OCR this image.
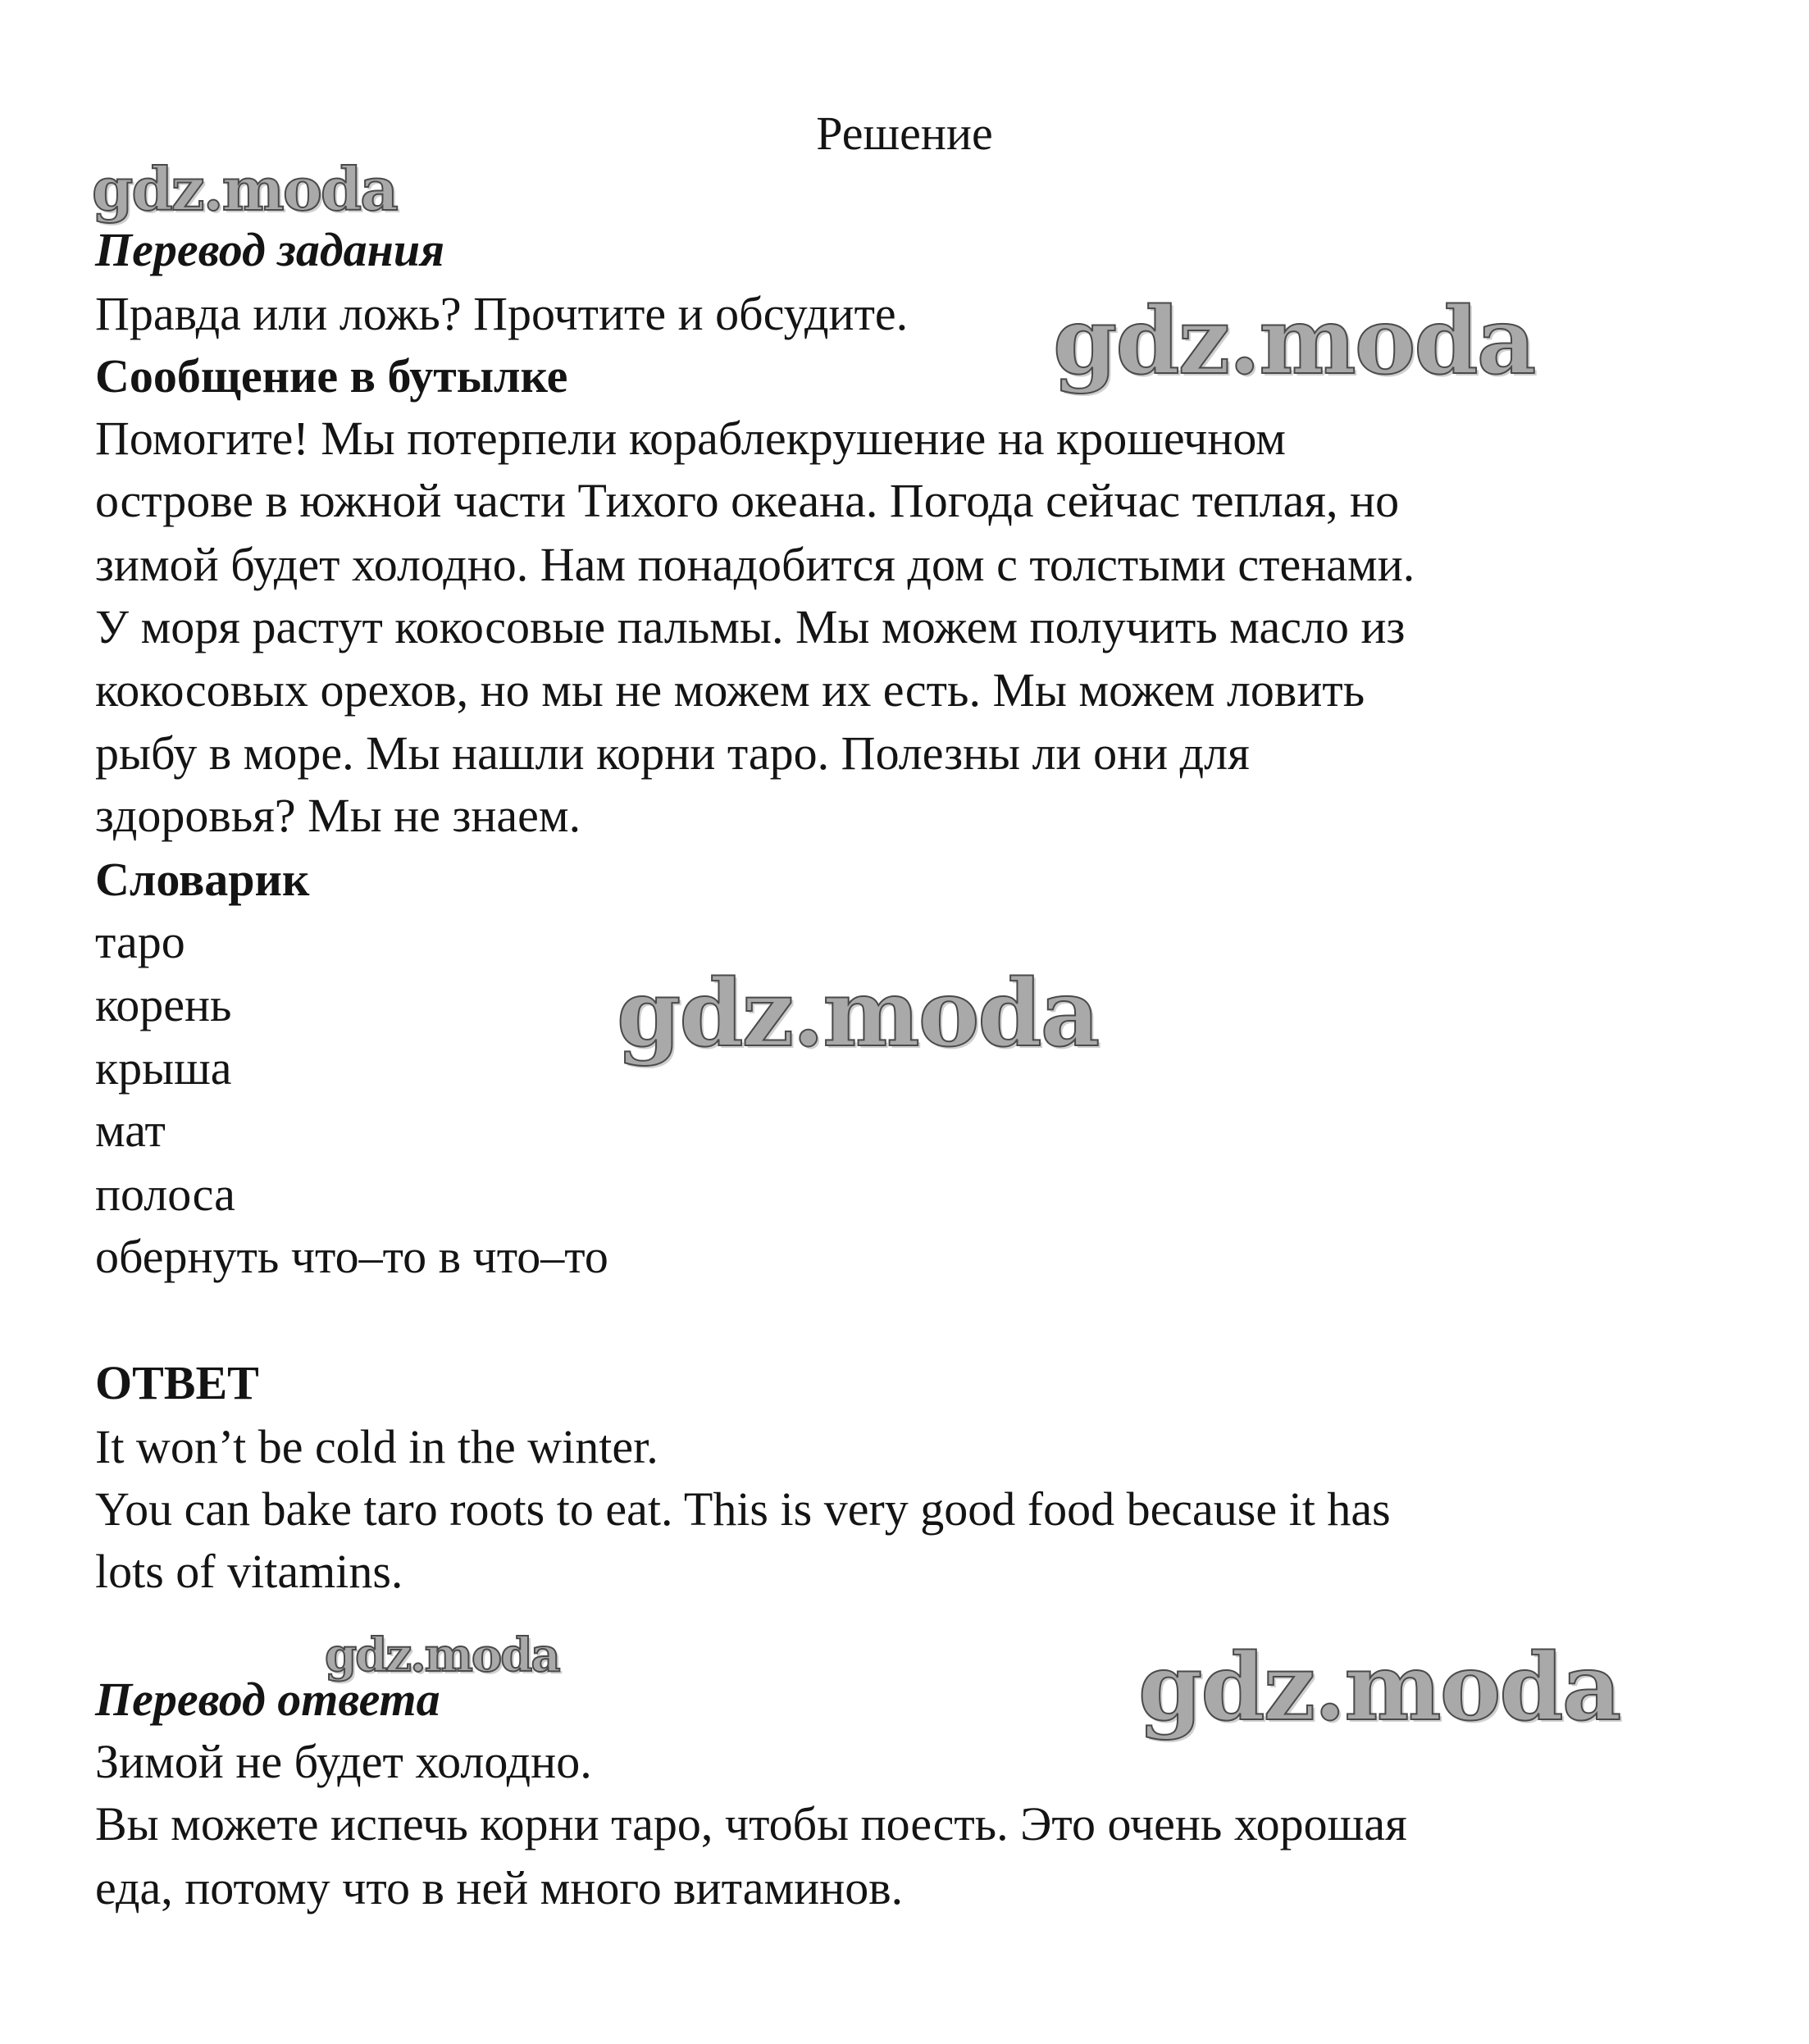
Решение
Перевод задания
Правда или ложь? Прочтите и обсудите.
Сообщение в бутылке
Помогите! Мы потерпели кораблекрушение на крошечном
острове в южной части Тихого океана. Погода сейчас теплая, но
зимой будет холодно. Нам понадобится дом с толстыми стенами.
У моря растут кокосовые пальмы. Мы можем получить масло из
кокосовых орехов, но мы не можем их есть. Мы можем ловить
рыбу в море. Мы нашли корни таро. Полезны ли они для
здоровья? Мы не знаем.
Словарик
таро
корень
крыша
мат
полоса
обернуть что–то в что–то
ОТВЕТ
It won’t be cold in the winter.
You can bake taro roots to eat. This is very good food because it has
lots of vitamins.
Перевод ответа
Зимой не будет холодно.
Вы можете испечь корни таро, чтобы поесть. Это очень хорошая
еда, потому что в ней много витаминов.
gdz.moda
gdz.moda
gdz.moda
gdz.moda	gdz.moda
